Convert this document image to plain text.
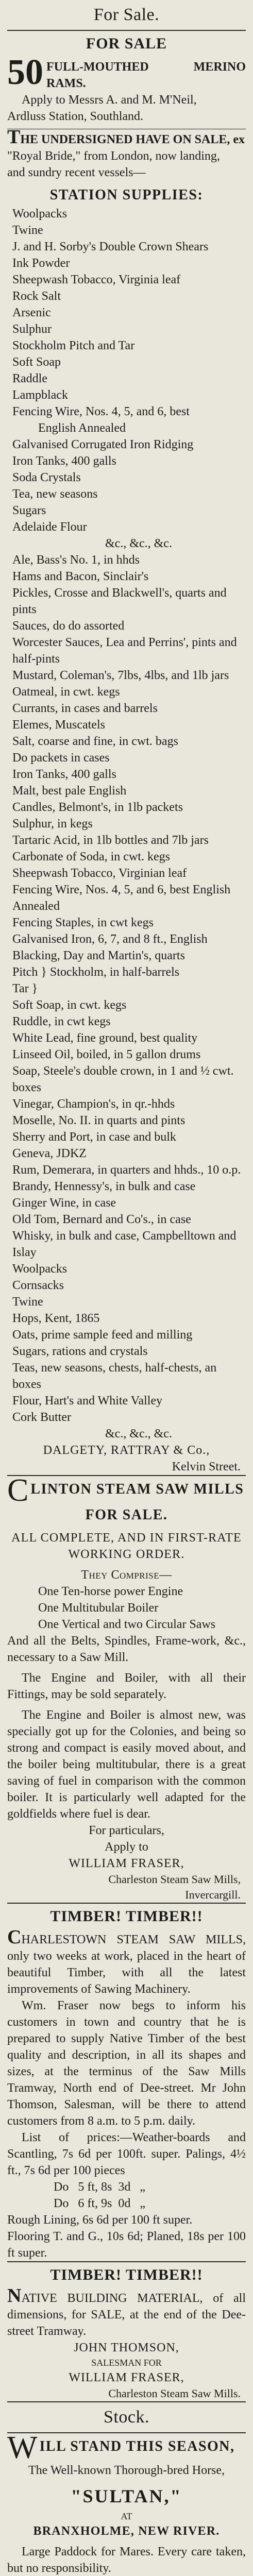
For Sale.
FOR SALE
50 FULL-MOUTHED MERINO RAMS.

Apply to Messrs A. and M. M'Neil,

Ardluss Station, Southland.

THE UNDERSIGNED HAVE ON SALE, ex

"Royal Bride," from London, now landing,

and sundry recent vessels—

STATION SUPPLIES:

Woolpacks

Twine

J. and H. Sorby's Double Crown Shears

Ink Powder

Sheepwash Tobacco, Virginia leaf

Rock Salt

Arsenic

Sulphur

Stockholm Pitch and Tar

Soft Soap

Raddle

Lampblack

Fencing Wire, Nos. 4, 5, and 6, best

English Annealed

Galvanised Corrugated Iron Ridging

Iron Tanks, 400 galls

Soda Crystals

Tea, new seasons

Sugars

Adelaide Flour

&c., &c., &c.

Ale, Bass's No. 1, in hhds

Hams and Bacon, Sinclair's

Pickles, Crosse and Blackwell's, quarts and pints

Sauces, do do assorted

Worcester Sauces, Lea and Perrins', pints and half-pints

Mustard, Coleman's, 7lbs, 4lbs, and 1lb jars

Oatmeal, in cwt. kegs

Currants, in cases and barrels

Elemes, Muscatels

Salt, coarse and fine, in cwt. bags

Do packets in cases

Iron Tanks, 400 galls

Malt, best pale English

Candles, Belmont's, in 1lb packets

Sulphur, in kegs

Tartaric Acid, in 1lb bottles and 7lb jars

Carbonate of Soda, in cwt. kegs

Sheepwash Tobacco, Virginian leaf

Fencing Wire, Nos. 4, 5, and 6, best English Annealed

Fencing Staples, in cwt kegs

Galvanised Iron, 6, 7, and 8 ft., English

Blacking, Day and Martin's, quarts

Pitch } Stockholm, in half-barrels

Tar }

Soft Soap, in cwt. kegs

Ruddle, in cwt kegs

White Lead, fine ground, best quality

Linseed Oil, boiled, in 5 gallon drums

Soap, Steele's double crown, in 1 and ½ cwt. boxes

Vinegar, Champion's, in qr.-hhds

Moselle, No. II. in quarts and pints

Sherry and Port, in case and bulk

Geneva, JDKZ

Rum, Demerara, in quarters and hhds., 10 o.p.

Brandy, Hennessy's, in bulk and case

Ginger Wine, in case

Old Tom, Bernard and Co's., in case

Whisky, in bulk and case, Campbelltown and Islay

Woolpacks

Cornsacks

Twine

Hops, Kent, 1865

Oats, prime sample feed and milling

Sugars, rations and crystals

Teas, new seasons, chests, half-chests, an boxes

Flour, Hart's and White Valley

Cork Butter

&c., &c., &c.

DALGETY, RATTRAY & Co.,

Kelvin Street.

C LINTON STEAM SAW MILLS

FOR SALE.

ALL COMPLETE, AND IN FIRST-RATE

WORKING ORDER.

They Comprise—

One Ten-horse power Engine

One Multitubular Boiler

One Vertical and two Circular Saws

And all the Belts, Spindles, Frame-work, &c., necessary to a Saw Mill.

The Engine and Boiler, with all their Fittings, may be sold separately.

The Engine and Boiler is almost new, was specially got up for the Colonies, and being so strong and compact is easily moved about, and the boiler being multitubular, there is a great saving of fuel in comparison with the common boiler. It is particularly well adapted for the goldfields where fuel is dear.

For particulars,

Apply to

WILLIAM FRASER,

Charleston Steam Saw Mills,

Invercargill.

TIMBER! TIMBER!!

CHARLESTOWN STEAM SAW MILLS, only two weeks at work, placed in the heart of beautiful Timber, with all the latest improvements of Sawing Machinery.

Wm. Fraser now begs to inform his customers in town and country that he is prepared to supply Native Timber of the best quality and description, in all its shapes and sizes, at the terminus of the Saw Mills Tramway, North end of Dee-street. Mr John Thomson, Salesman, will be there to attend customers from 8 a.m. to 5 p.m. daily.

List of prices:—Weather-boards and Scantling, 7s 6d per 100ft. super. Palings, 4½ ft., 7s 6d per 100 pieces

Do   5 ft, 8s  3d   „

Do   6 ft, 9s  0d   „

Rough Lining, 6s 6d per 100 ft super.

Flooring T. and G., 10s 6d; Planed, 18s per 100 ft super.

TIMBER! TIMBER!!

NATIVE BUILDING MATERIAL, of all dimensions, for SALE, at the end of the Dee-street Tramway.

JOHN THOMSON,

SALESMAN FOR

WILLIAM FRASER,

Charleston Steam Saw Mills.

Stock.
W ILL STAND THIS SEASON,

The Well-known Thorough-bred Horse,

"SULTAN,"

AT

BRANXHOLME, NEW RIVER.

Large Paddock for Mares. Every care taken, but no responsibility.
